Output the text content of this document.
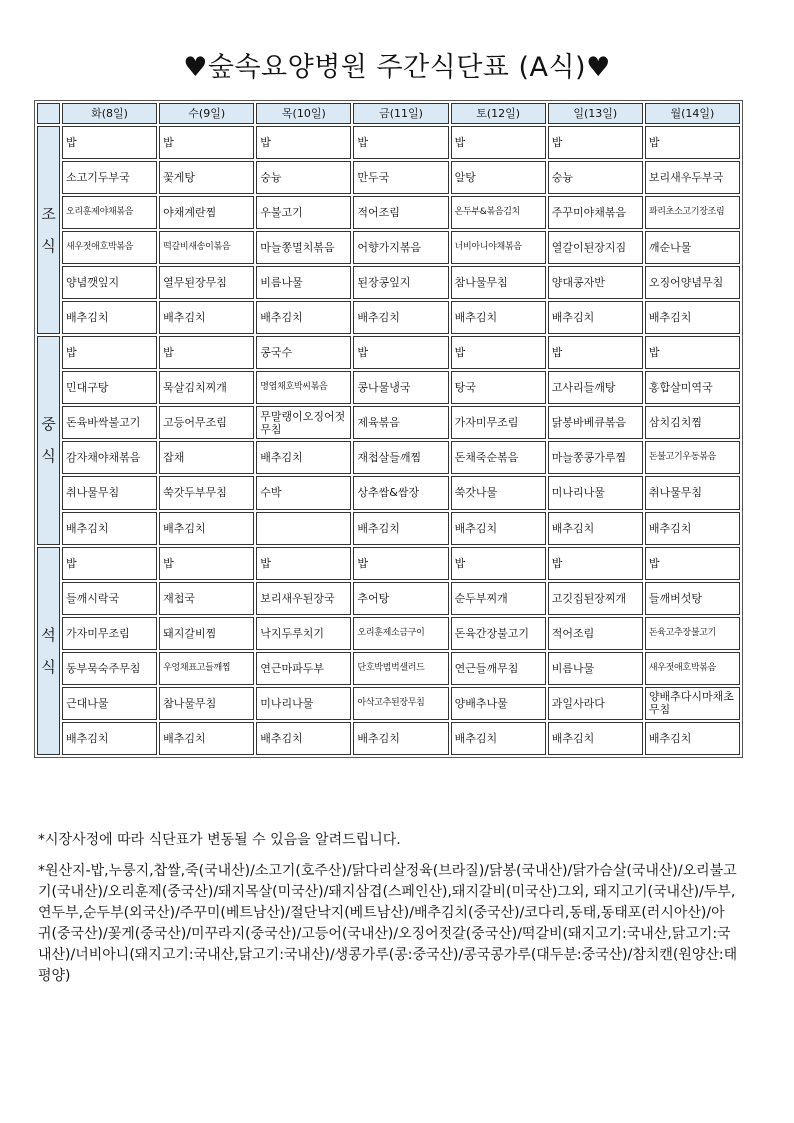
♥숲속요양병원 주간식단표 (A식)♥
	화(8일)	수(9일)	목(10일)	금(11일)	토(12일)	일(13일)	월(14일)

조
식	밥	밥	밥	밥	밥	밥	밥
	소고기두부국	꽃게탕	숭늉	만두국	알탕	숭늉	보리새우두부국
	오리훈제야채볶음	야채계란찜	우불고기	적어조림	온두부&볶음김치	주꾸미야채볶음	꽈리초소고기장조림
	새우젓애호박볶음	떡갈비새송이볶음	마늘쫑멸치볶음	어향가지볶음	너비아니야채볶음	열갈이된장지짐	깨순나물
	양념깻잎지	열무된장무침	비름나물	된장콩잎지	참나물무침	양대콩자반	오징어양념무침
	배추김치	배추김치	배추김치	배추김치	배추김치	배추김치	배추김치

중
식	밥	밥	콩국수	밥	밥	밥	밥
	민대구탕	묵살김치찌개	명엽채호박씨볶음	콩나물냉국	탕국	고사리들깨탕	홍합살미역국
	돈육바싹불고기	고등어무조림	무말랭이오징어젓무침	제육볶음	가자미무조림	닭봉바베큐볶음	삼치김치찜
	감자채야채볶음	잡채	배추김치	재첩살들깨찜	돈채죽순볶음	마늘쫑콩가루찜	돈불고기우동볶음
	취나물무침	쑥갓두부무침	수박	상추쌈&쌈장	쑥갓나물	미나리나물	취나물무침
	배추김치	배추김치		배추김치	배추김치	배추김치	배추김치

석
식	밥	밥	밥	밥	밥	밥	밥
	들깨시락국	재첩국	보리새우된장국	추어탕	순두부찌개	고깃집된장찌개	들깨버섯탕
	가자미무조림	돼지갈비찜	낙지두루치기	오리훈제소금구이	돈육간장불고기	적어조림	돈육고추장불고기
	동부묵숙주무침	우엉채표고들깨찜	연근마파두부	단호박범벅샐러드	연근들깨무침	비름나물	새우젓애호박볶음
	근대나물	참나물무침	미나리나물	아삭고추된장무침	양배추나물	과일사라다	양배추다시마채초무침
	배추김치	배추김치	배추김치	배추김치	배추김치	배추김치	배추김치

*시장사정에 따라 식단표가 변동될 수 있음을 알려드립니다.

*원산지-밥,누룽지,찹쌀,죽(국내산)/소고기(호주산)/닭다리살정육(브라질)/닭봉(국내산)/닭가슴살(국내산)/오리불고기(국내산)/오리훈제(중국산)/돼지목살(미국산)/돼지삼겹(스페인산),돼지갈비(미국산)그외, 돼지고기(국내산)/두부,연두부,순두부(외국산)/주꾸미(베트남산)/절단낙지(베트남산)/배추김치(중국산)/코다리,동태,동태포(러시아산)/아귀(중국산)/꽃게(중국산)/미꾸라지(중국산)/고등어(국내산)/오징어젓갈(중국산)/떡갈비(돼지고기:국내산,닭고기:국내산)/너비아니(돼지고기:국내산,닭고기:국내산)/생콩가루(콩:중국산)/콩국콩가루(대두분:중국산)/참치캔(원양산:태평양)
